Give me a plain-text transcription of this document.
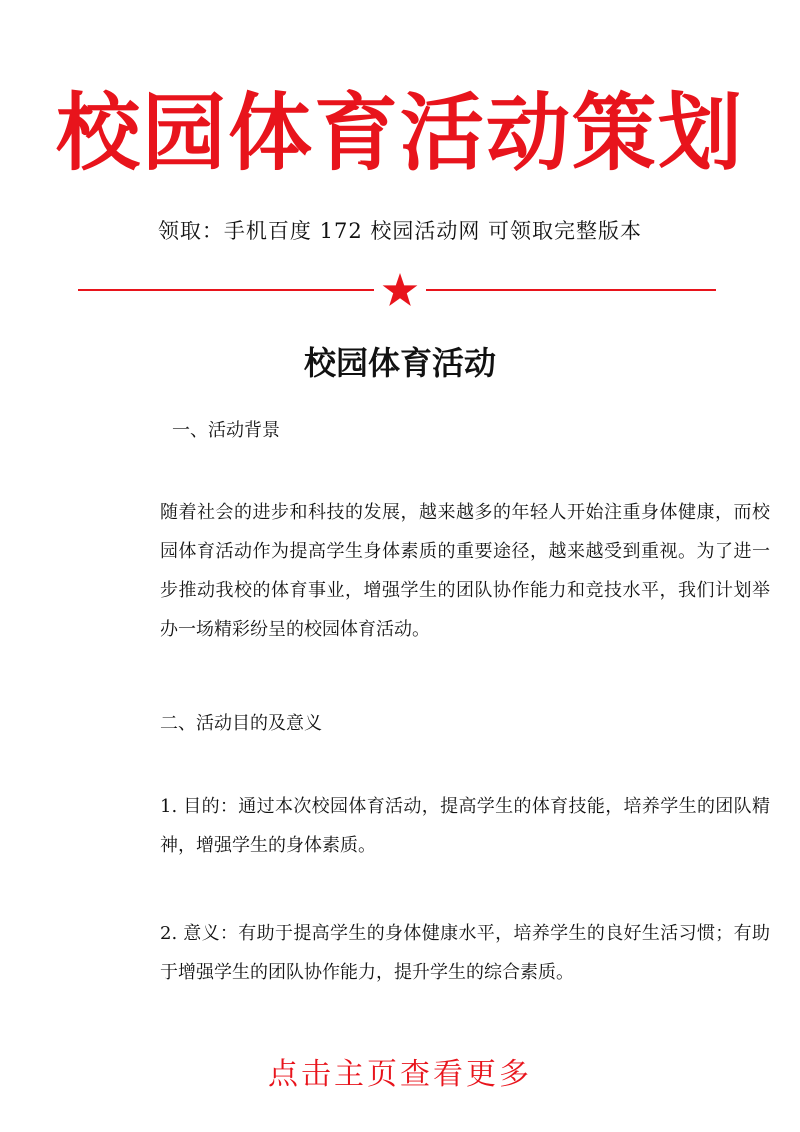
校园体育活动策划
领取：手机百度 172 校园活动网 可领取完整版本
校园体育活动
一、活动背景
随着社会的进步和科技的发展，越来越多的年轻人开始注重身体健康，而校园体育活动作为提高学生身体素质的重要途径，越来越受到重视。为了进一步推动我校的体育事业，增强学生的团队协作能力和竞技水平，我们计划举办一场精彩纷呈的校园体育活动。
二、活动目的及意义
1. 目的：通过本次校园体育活动，提高学生的体育技能，培养学生的团队精神，增强学生的身体素质。
2. 意义：有助于提高学生的身体健康水平，培养学生的良好生活习惯；有助于增强学生的团队协作能力，提升学生的综合素质。
点击主页查看更多
